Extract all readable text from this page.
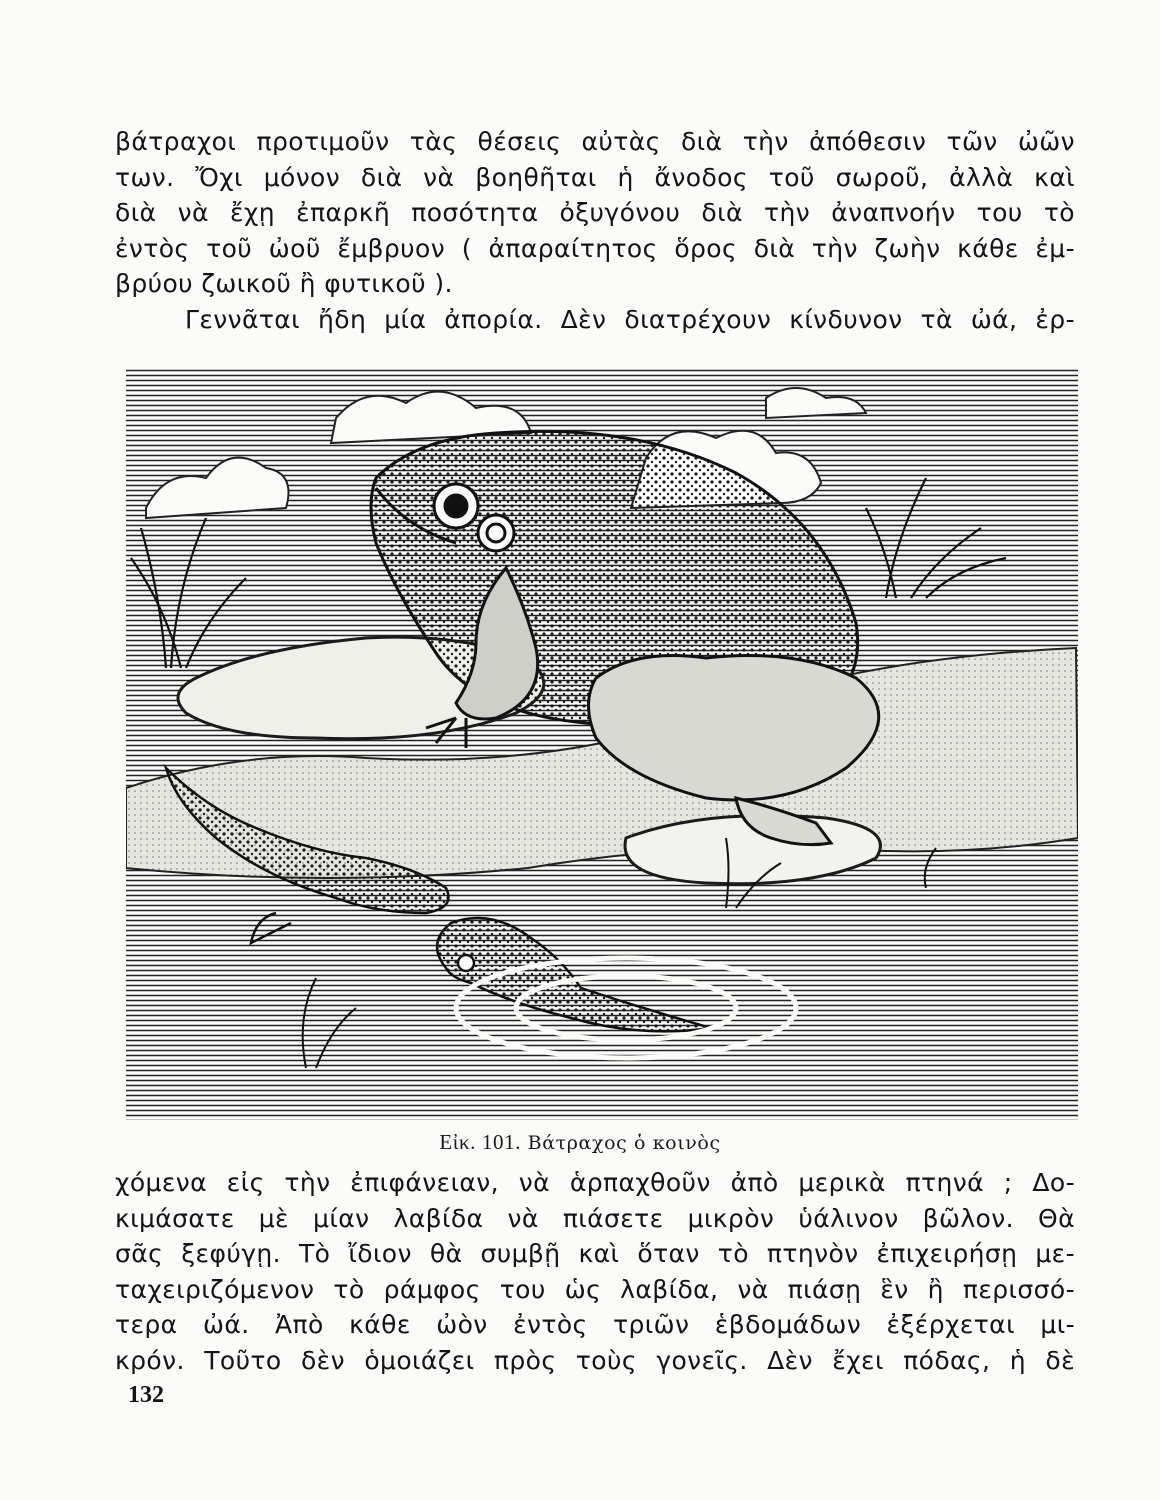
βάτραχοι προτιμοῦν τὰς θέσεις αὐτὰς διὰ τὴν ἀπόθεσιν τῶν ὠῶν
των. Ὄχι μόνον διὰ νὰ βοηθῆται ἡ ἄνοδος τοῦ σωροῦ, ἀλλὰ καὶ
διὰ νὰ ἔχῃ ἐπαρκῆ ποσότητα ὀξυγόνου διὰ τὴν ἀναπνοήν του τὸ
ἐντὸς τοῦ ὠοῦ ἔμβρυον ( ἀπαραίτητος ὅρος διὰ τὴν ζωὴν κάθε ἐμ-
βρύου ζωικοῦ ἢ φυτικοῦ ).
Γεννᾶται ἤδη μία ἀπορία. Δὲν διατρέχουν κίνδυνον τὰ ὠά, ἐρ-
Εἰκ. 101. Βάτραχος ὁ κοινὸς
χόμενα εἰς τὴν ἐπιφάνειαν, νὰ ἁρπαχθοῦν ἀπὸ μερικὰ πτηνά ; Δο-
κιμάσατε μὲ μίαν λαβίδα νὰ πιάσετε μικρὸν ὑάλινον βῶλον. Θὰ
σᾶς ξεφύγῃ. Τὸ ἴδιον θὰ συμβῇ καὶ ὅταν τὸ πτηνὸν ἐπιχειρήσῃ με-
ταχειριζόμενον τὸ ράμφος του ὡς λαβίδα, νὰ πιάσῃ ἓν ἢ περισσό-
τερα ὠά. Ἀπὸ κάθε ὠὸν ἐντὸς τριῶν ἑβδομάδων ἐξέρχεται μι-
κρόν. Τοῦτο δὲν ὁμοιάζει πρὸς τοὺς γονεῖς. Δὲν ἔχει πόδας, ἡ δὲ
132
